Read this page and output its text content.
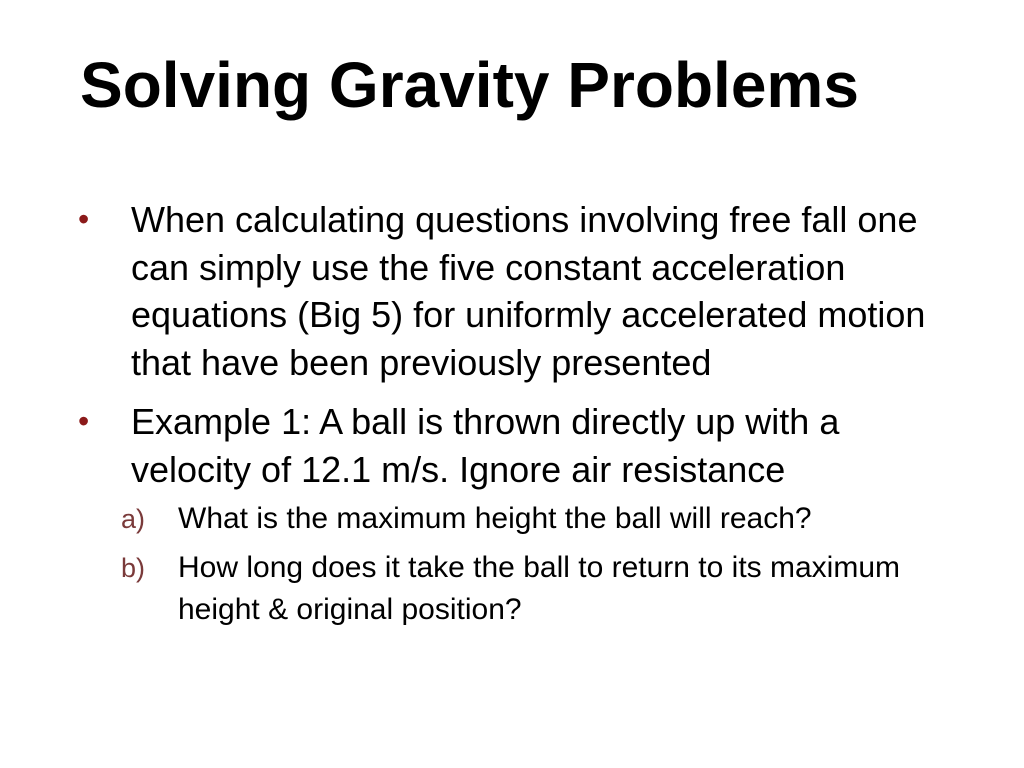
Solving Gravity Problems
• When calculating questions involving free fall one can simply use the five constant acceleration equations (Big 5) for uniformly accelerated motion that have been previously presented
• Example 1: A ball is thrown directly up with a velocity of 12.1 m/s. Ignore air resistance
a) What is the maximum height the ball will reach?
b) How long does it take the ball to return to its maximum height & original position?
